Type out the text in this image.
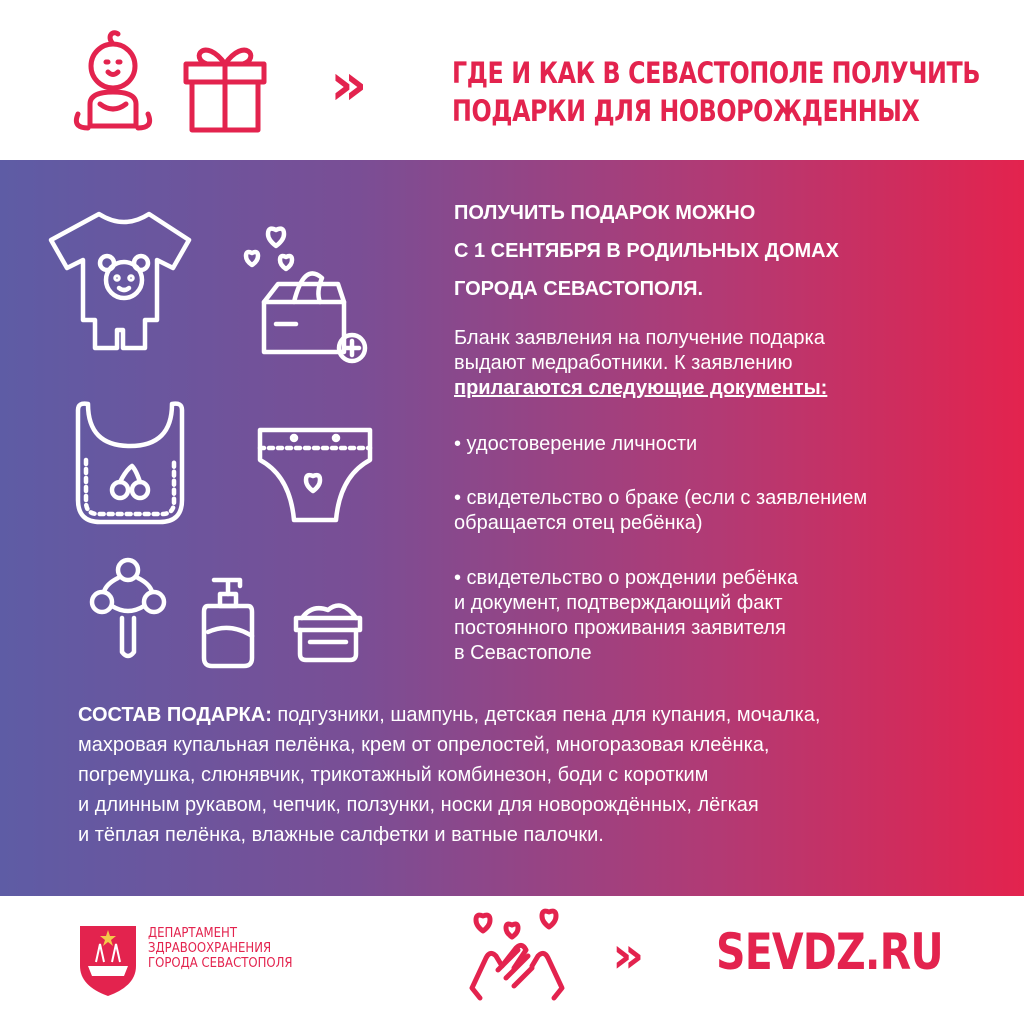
»	ГДЕ И КАК В СЕВАСТОПОЛЕ ПОЛУЧИТЬ
ПОДАРКИ ДЛЯ НОВОРОЖДЕННЫХ
ПОЛУЧИТЬ ПОДАРОК МОЖНО
С 1 СЕНТЯБРЯ В РОДИЛЬНЫХ ДОМАХ
ГОРОДА СЕВАСТОПОЛЯ.
Бланк заявления на получение подарка
выдают медработники. К заявлению
прилагаются следующие документы:
• удостоверение личности
• свидетельство о браке (если с заявлением
обращается отец ребёнка)
• свидетельство о рождении ребёнка
и документ, подтверждающий факт
постоянного проживания заявителя
в Севастополе
СОСТАВ ПОДАРКА: подгузники, шампунь, детская пена для купания, мочалка,
махровая купальная пелёнка, крем от опрелостей, многоразовая клеёнка,
погремушка, слюнявчик, трикотажный комбинезон, боди с коротким
и длинным рукавом, чепчик, ползунки, носки для новорождённых, лёгкая
и тёплая пелёнка, влажные салфетки и ватные палочки.
ДЕПАРТАМЕНТ
ЗДРАВООХРАНЕНИЯ
ГОРОДА СЕВАСТОПОЛЯ	» SEVDZ.RU
